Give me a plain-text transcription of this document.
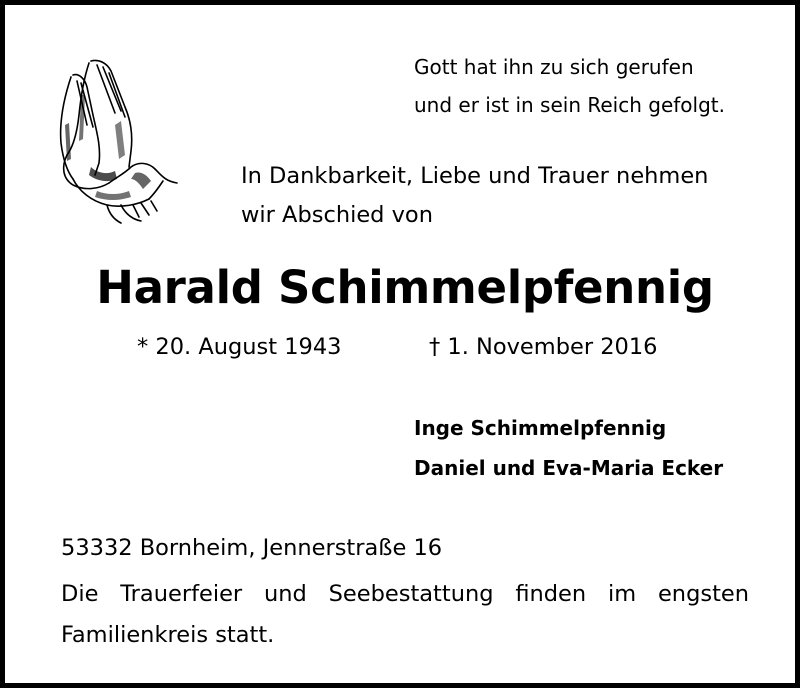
Gott hat ihn zu sich gerufen

und er ist in sein Reich gefolgt.

In Dankbarkeit, Liebe und Trauer nehmen

wir Abschied von

Harald Schimmelpfennig

* 20. August 1943	† 1. November 2016

Inge Schimmelpfennig

Daniel und Eva-Maria Ecker

53332 Bornheim, Jennerstraße 16

Die Trauerfeier und Seebestattung finden im engsten

Familienkreis statt.
